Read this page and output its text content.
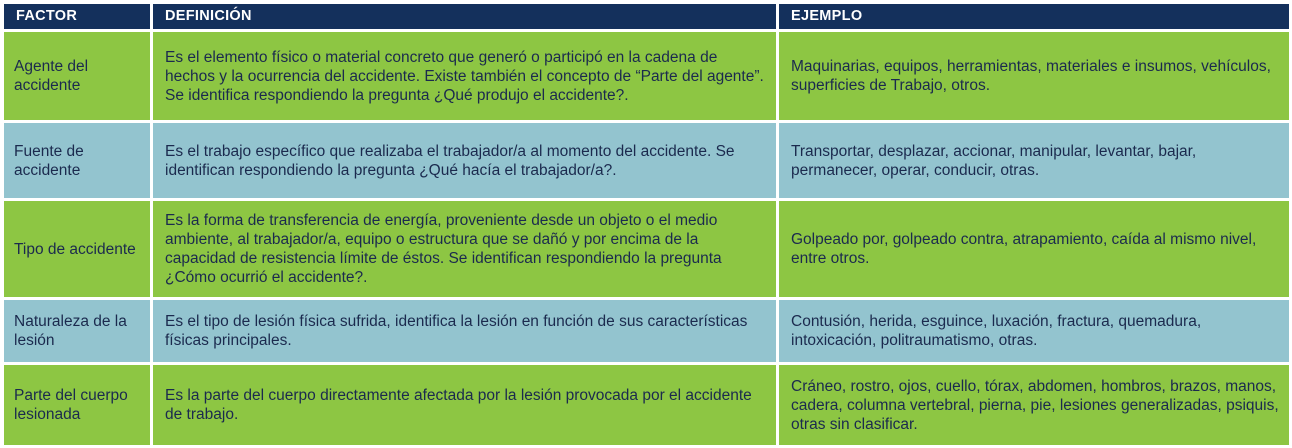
FACTOR	DEFINICIÓN	EJEMPLO
Agente del accidente
Es el elemento físico o material concreto que generó o participó en la cadena de hechos y la ocurrencia del accidente. Existe también el concepto de “Parte del agente”. Se identifica respondiendo la pregunta ¿Qué produjo el accidente?.
Maquinarias, equipos, herramientas, materiales e insumos, vehículos, superficies de Trabajo, otros.
Fuente de accidente
Es el trabajo específico que realizaba el trabajador/a al momento del accidente. Se identifican respondiendo la pregunta ¿Qué hacía el trabajador/a?.
Transportar, desplazar, accionar, manipular, levantar, bajar, permanecer, operar, conducir, otras.
Tipo de accidente
Es la forma de transferencia de energía, proveniente desde un objeto o el medio ambiente, al trabajador/a, equipo o estructura que se dañó y por encima de la capacidad de resistencia límite de éstos. Se identifican respondiendo la pregunta ¿Cómo ocurrió el accidente?.
Golpeado por, golpeado contra, atrapamiento, caída al mismo nivel, entre otros.
Naturaleza de la lesión
Es el tipo de lesión física sufrida, identifica la lesión en función de sus características físicas principales.
Contusión, herida, esguince, luxación, fractura, quemadura, intoxicación, politraumatismo, otras.
Parte del cuerpo lesionada
Es la parte del cuerpo directamente afectada por la lesión provocada por el accidente de trabajo.
Cráneo, rostro, ojos, cuello, tórax, abdomen, hombros, brazos, manos, cadera, columna vertebral, pierna, pie, lesiones generalizadas, psiquis, otras sin clasificar.
